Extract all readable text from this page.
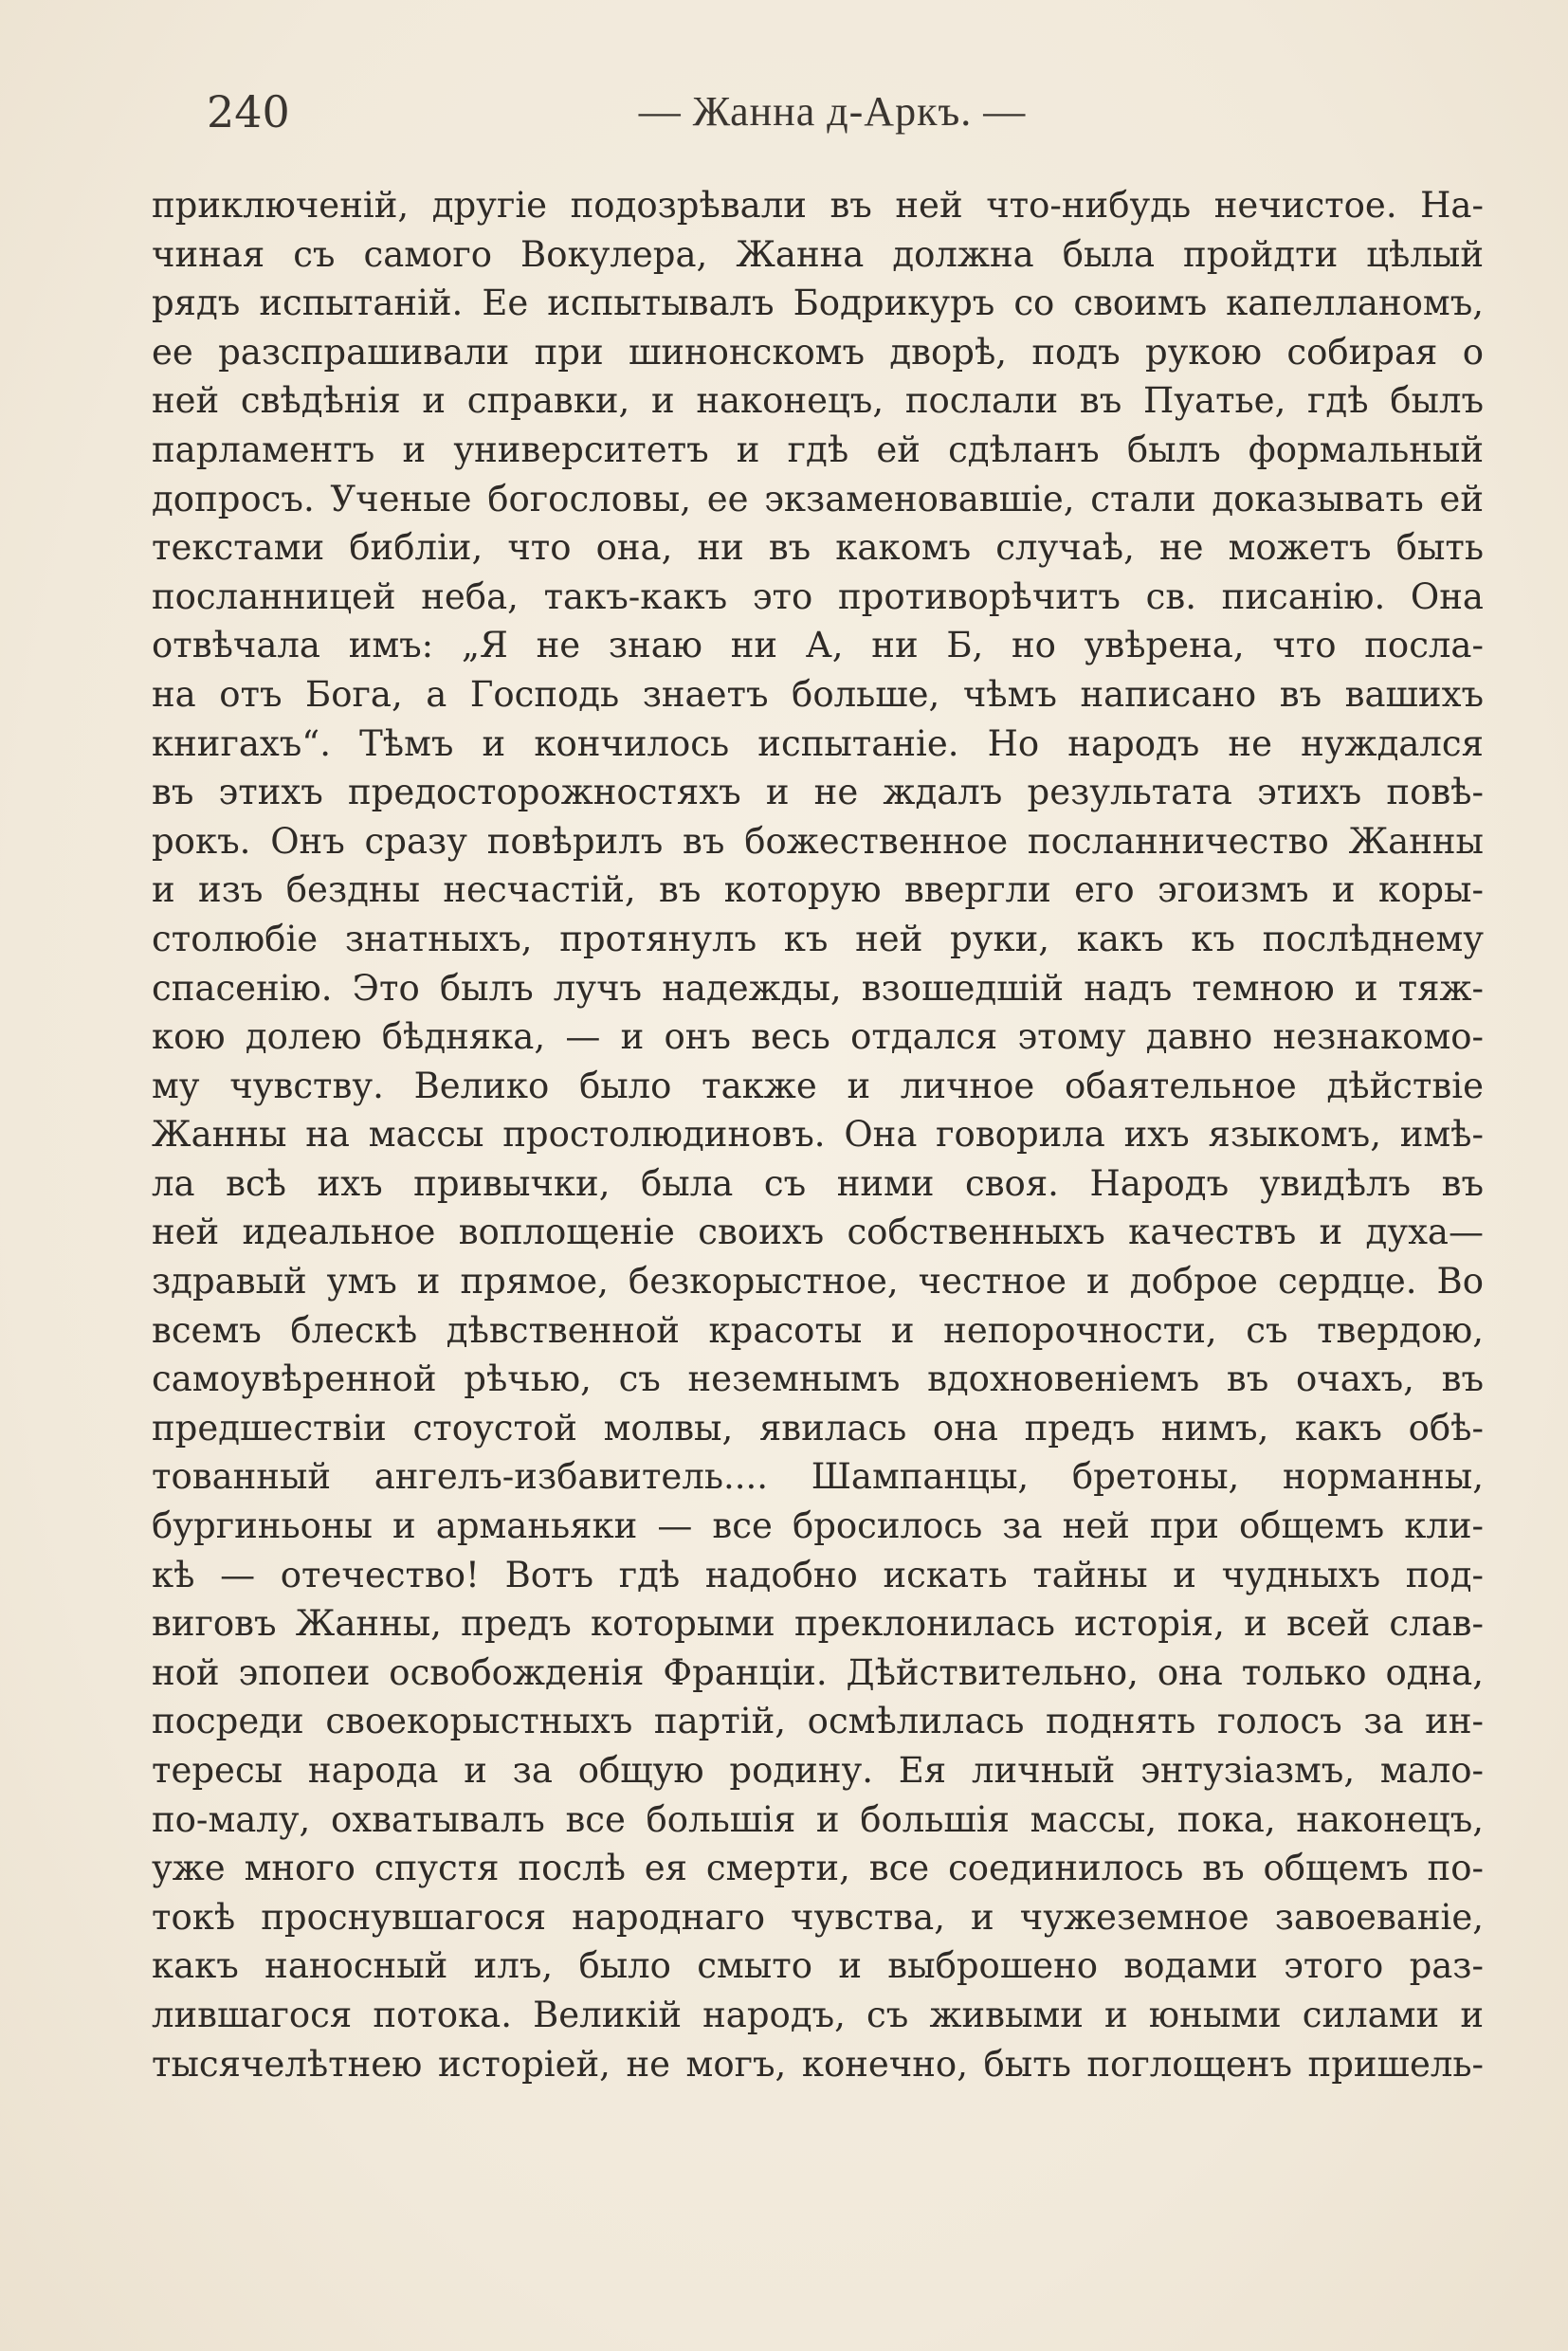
240	— Жанна д-Аркъ. —
приключеній, другіе подозрѣвали въ ней что-нибудь нечистое. На-
чиная съ самого Вокулера, Жанна должна была пройдти цѣлый
рядъ испытаній. Ее испытывалъ Бодрикуръ со своимъ капелланомъ,
ее разспрашивали при шинонскомъ дворѣ, подъ рукою собирая о
ней свѣдѣнія и справки, и наконецъ, послали въ Пуатье, гдѣ былъ
парламентъ и университетъ и гдѣ ей сдѣланъ былъ формальный
допросъ. Ученые богословы, ее экзаменовавшіе, стали доказывать ей
текстами библіи, что она, ни въ какомъ случаѣ, не можетъ быть
посланницей неба, такъ-какъ это противорѣчитъ св. писанію. Она
отвѣчала имъ: „Я не знаю ни А, ни Б, но увѣрена, что посла-
на отъ Бога, а Господь знаетъ больше, чѣмъ написано въ вашихъ
книгахъ“. Тѣмъ и кончилось испытаніе. Но народъ не нуждался
въ этихъ предосторожностяхъ и не ждалъ результата этихъ повѣ-
рокъ. Онъ сразу повѣрилъ въ божественное посланничество Жанны
и изъ бездны несчастій, въ которую ввергли его эгоизмъ и коры-
столюбіе знатныхъ, протянулъ къ ней руки, какъ къ послѣднему
спасенію. Это былъ лучъ надежды, взошедшій надъ темною и тяж-
кою долею бѣдняка, — и онъ весь отдался этому давно незнакомо-
му чувству. Велико было также и личное обаятельное дѣйствіе
Жанны на массы простолюдиновъ. Она говорила ихъ языкомъ, имѣ-
ла всѣ ихъ привычки, была съ ними своя. Народъ увидѣлъ въ
ней идеальное воплощеніе своихъ собственныхъ качествъ и духа—
здравый умъ и прямое, безкорыстное, честное и доброе сердце. Во
всемъ блескѣ дѣвственной красоты и непорочности, съ твердою,
самоувѣренной рѣчью, съ неземнымъ вдохновеніемъ въ очахъ, въ
предшествіи стоустой молвы, явилась она предъ нимъ, какъ обѣ-
тованный ангелъ-избавитель.... Шампанцы, бретоны, норманны,
бургиньоны и арманьяки — все бросилось за ней при общемъ кли-
кѣ — отечество! Вотъ гдѣ надобно искать тайны и чудныхъ под-
виговъ Жанны, предъ которыми преклонилась исторія, и всей слав-
ной эпопеи освобожденія Франціи. Дѣйствительно, она только одна,
посреди своекорыстныхъ партій, осмѣлилась поднять голосъ за ин-
тересы народа и за общую родину. Ея личный энтузіазмъ, мало-
по-малу, охватывалъ все большія и большія массы, пока, наконецъ,
уже много спустя послѣ ея смерти, все соединилось въ общемъ по-
токѣ проснувшагося народнаго чувства, и чужеземное завоеваніе,
какъ наносный илъ, было смыто и выброшено водами этого раз-
лившагося потока. Великій народъ, съ живыми и юными силами и
тысячелѣтнею исторіей, не могъ, конечно, быть поглощенъ пришель-
